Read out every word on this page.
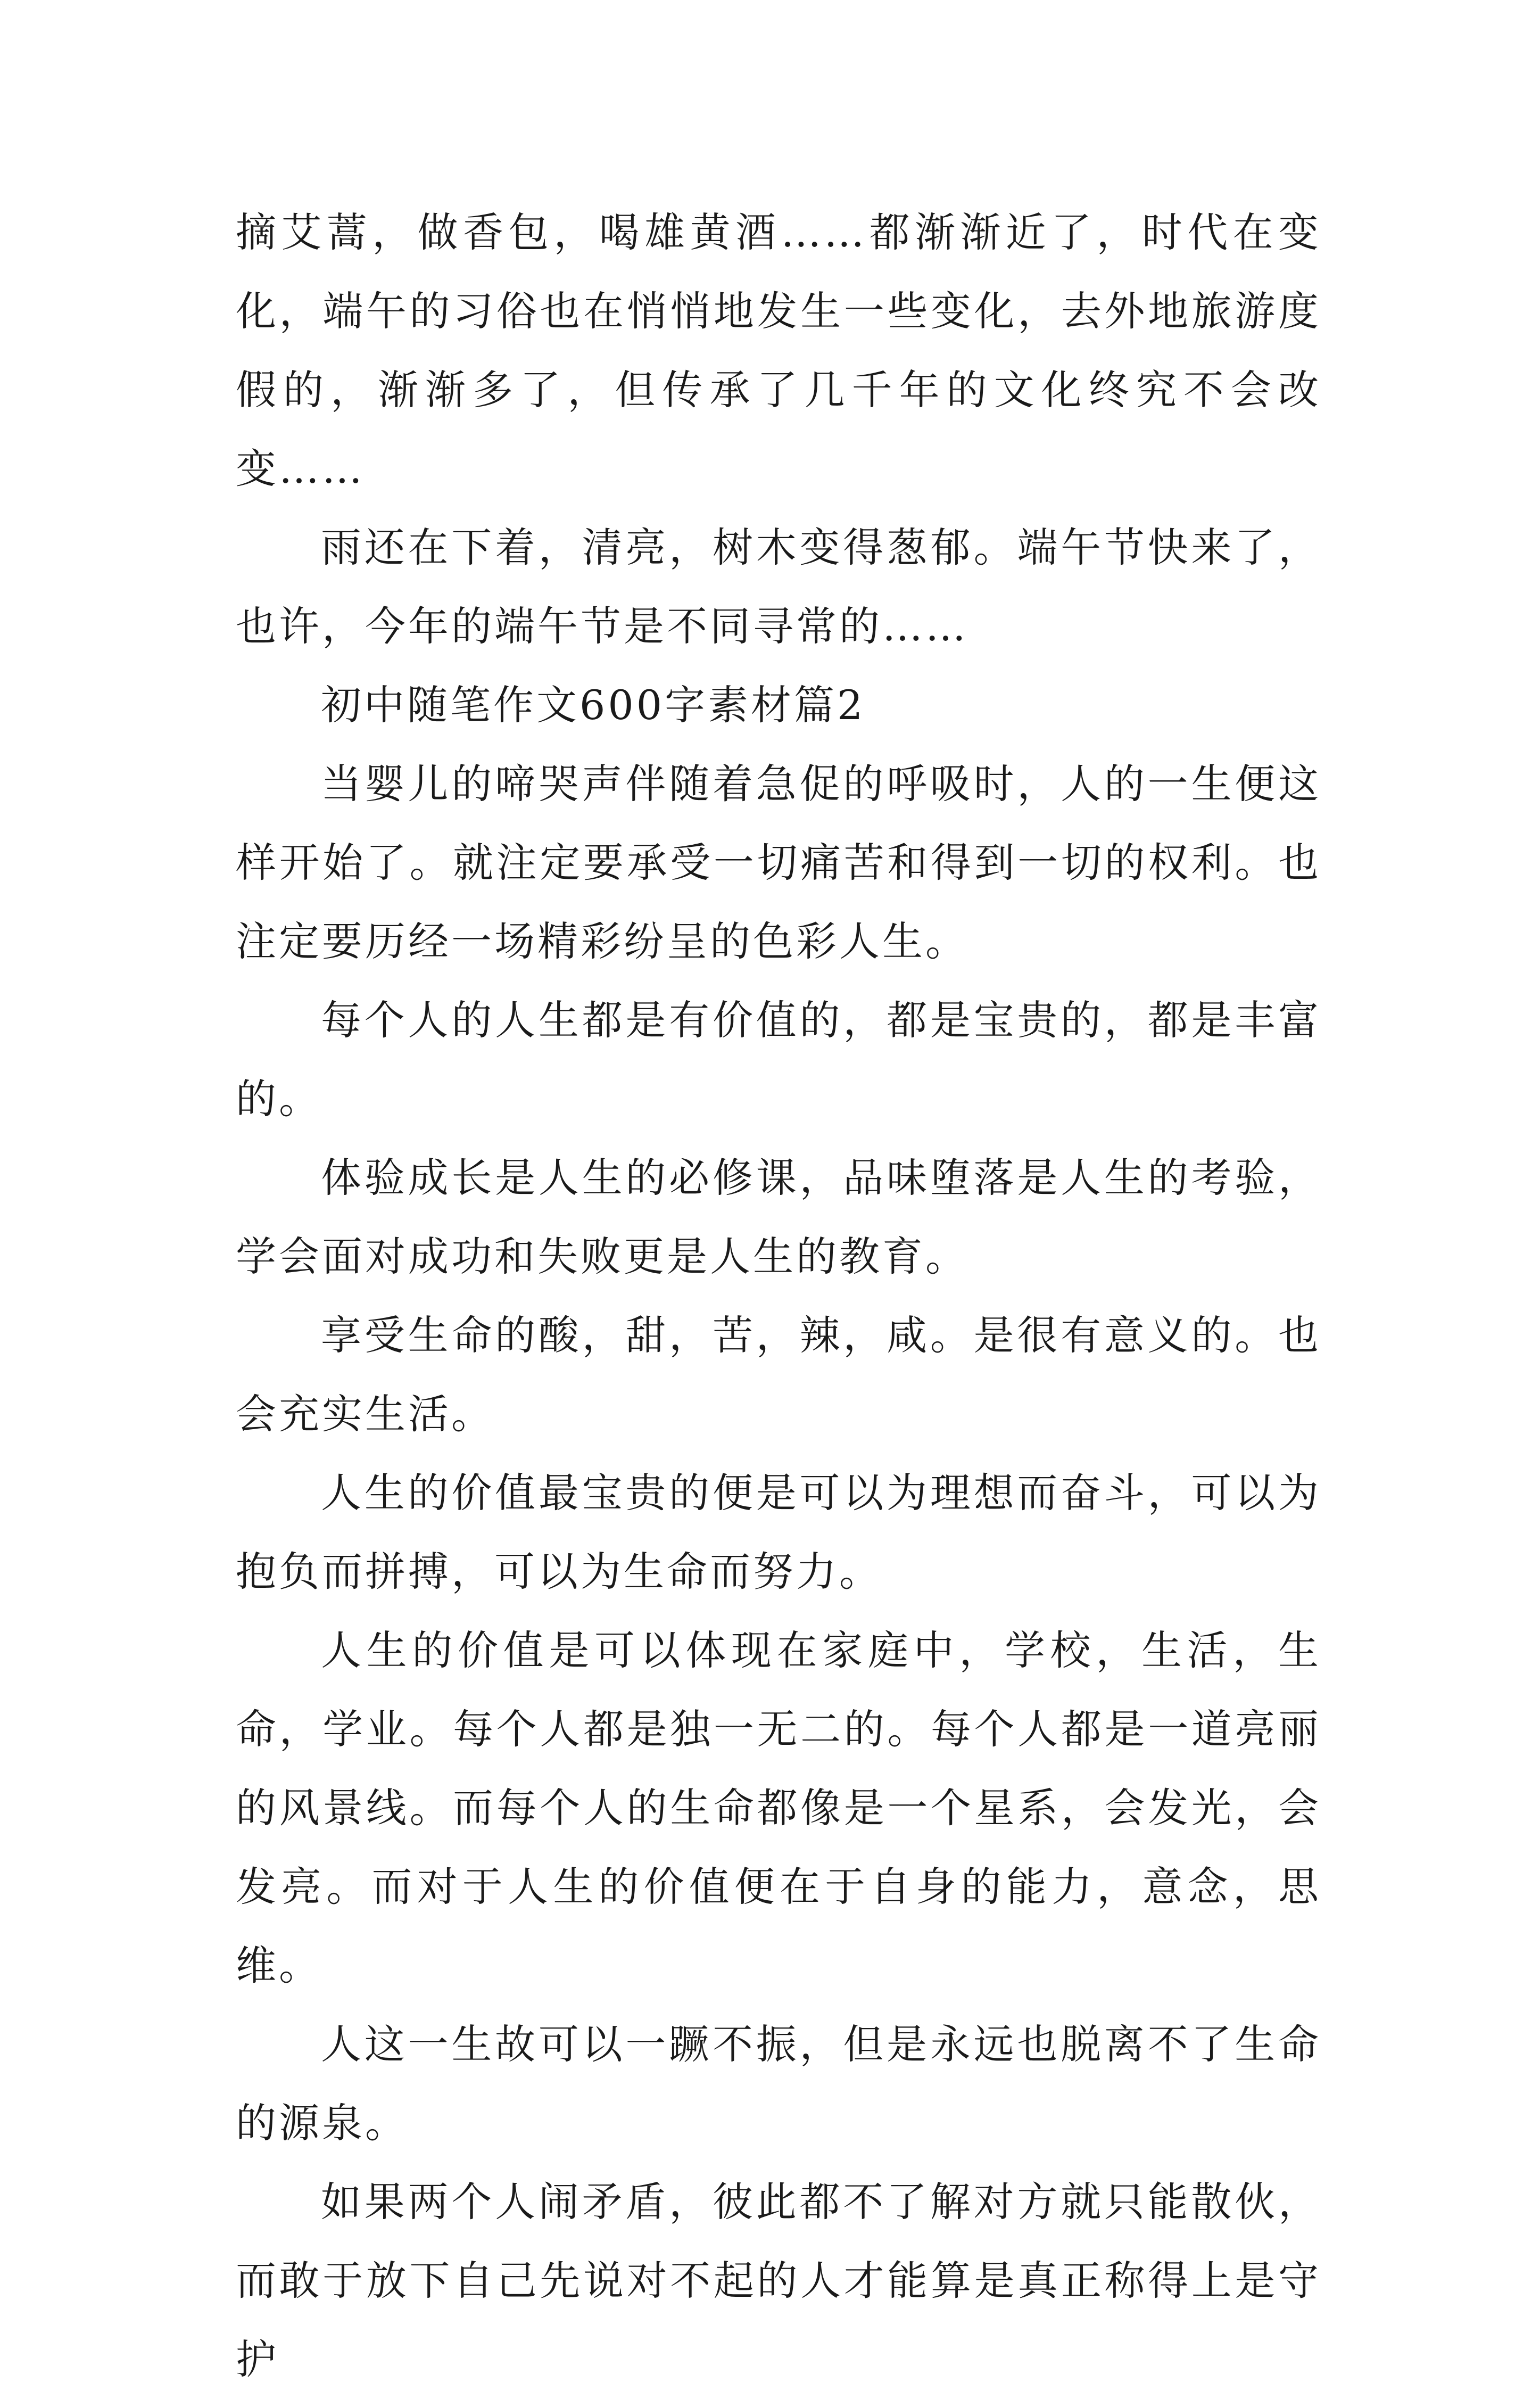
摘艾蒿，做香包，喝雄黄酒……都渐渐近了，时代在变化，端午的习俗也在悄悄地发生一些变化，去外地旅游度假的，渐渐多了，但传承了几千年的文化终究不会改变……

雨还在下着，清亮，树木变得葱郁。端午节快来了，也许，今年的端午节是不同寻常的……

初中随笔作文600字素材篇2

当婴儿的啼哭声伴随着急促的呼吸时，人的一生便这样开始了。就注定要承受一切痛苦和得到一切的权利。也注定要历经一场精彩纷呈的色彩人生。

每个人的人生都是有价值的，都是宝贵的，都是丰富的。

体验成长是人生的必修课，品味堕落是人生的考验，学会面对成功和失败更是人生的教育。

享受生命的酸，甜，苦，辣，咸。是很有意义的。也会充实生活。

人生的价值最宝贵的便是可以为理想而奋斗，可以为抱负而拼搏，可以为生命而努力。

人生的价值是可以体现在家庭中，学校，生活，生命，学业。每个人都是独一无二的。每个人都是一道亮丽的风景线。而每个人的生命都像是一个星系，会发光，会发亮。而对于人生的价值便在于自身的能力，意念，思维。

人这一生故可以一蹶不振，但是永远也脱离不了生命的源泉。

如果两个人闹矛盾，彼此都不了解对方就只能散伙，而敢于放下自己先说对不起的人才能算是真正称得上是守护
